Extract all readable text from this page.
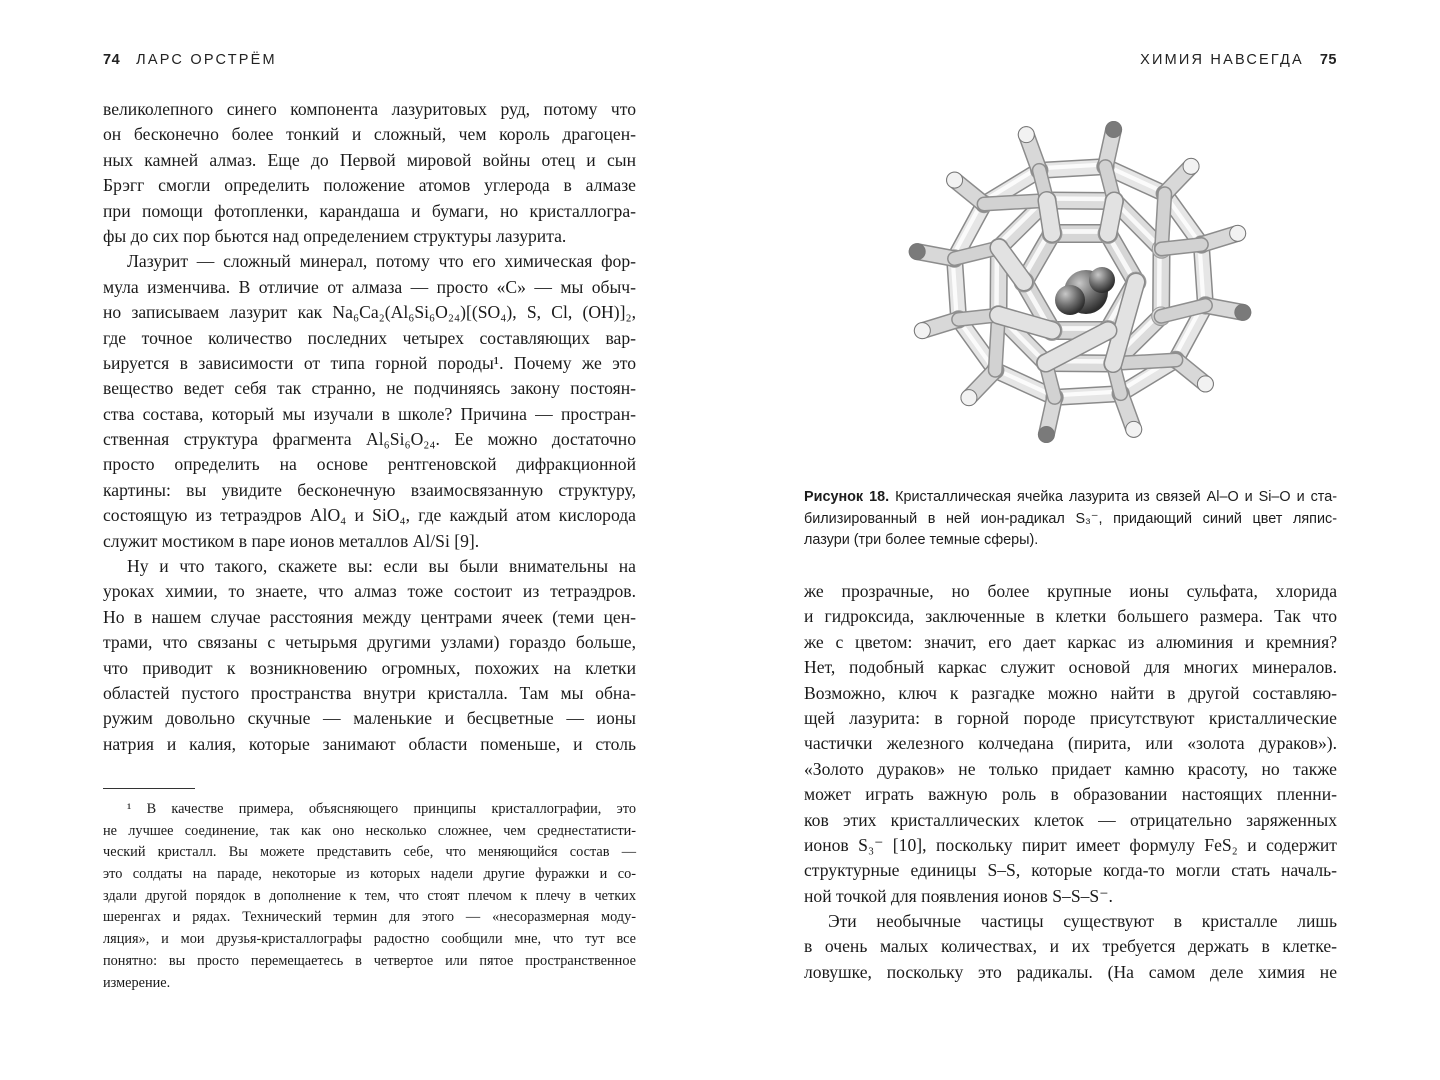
74 ЛАРС ОРСТРЁМ
великолепного синего компонента лазуритовых руд, потому что
он бесконечно более тонкий и сложный, чем король драгоцен-
ных камней алмаз. Еще до Первой мировой войны отец и сын
Брэгг смогли определить положение атомов углерода в алмазе
при помощи фотопленки, карандаша и бумаги, но кристаллогра-
фы до сих пор бьются над определением структуры лазурита.
Лазурит — сложный минерал, потому что его химическая фор-
мула изменчива. В отличие от алмаза — просто «С» — мы обыч-
но записываем лазурит как Na₆Ca₂(Al₆Si₆O₂₄)[(SO₄), S, Cl, (OH)]₂,
где точное количество последних четырех составляющих вар-
ьируется в зависимости от типа горной породы¹. Почему же это
вещество ведет себя так странно, не подчиняясь закону постоян-
ства состава, который мы изучали в школе? Причина — простран-
ственная структура фрагмента Al₆Si₆O₂₄. Ее можно достаточно
просто определить на основе рентгеновской дифракционной
картины: вы увидите бесконечную взаимосвязанную структуру,
состоящую из тетраэдров AlO₄ и SiO₄, где каждый атом кислорода
служит мостиком в паре ионов металлов Al/Si [9].
Ну и что такого, скажете вы: если вы были внимательны на
уроках химии, то знаете, что алмаз тоже состоит из тетраэдров.
Но в нашем случае расстояния между центрами ячеек (теми цен-
трами, что связаны с четырьмя другими узлами) гораздо больше,
что приводит к возникновению огромных, похожих на клетки
областей пустого пространства внутри кристалла. Там мы обна-
ружим довольно скучные — маленькие и бесцветные — ионы
натрия и калия, которые занимают области поменьше, и столь
¹ В качестве примера, объясняющего принципы кристаллографии, это
не лучшее соединение, так как оно несколько сложнее, чем среднестатисти-
ческий кристалл. Вы можете представить себе, что меняющийся состав —
это солдаты на параде, некоторые из которых надели другие фуражки и со-
здали другой порядок в дополнение к тем, что стоят плечом к плечу в четких
шеренгах и рядах. Технический термин для этого — «несоразмерная моду-
ляция», и мои друзья-кристаллографы радостно сообщили мне, что тут все
понятно: вы просто перемещаетесь в четвертое или пятое пространственное
измерение.
ХИМИЯ НАВСЕГДА 75
Рисунок 18. Кристаллическая ячейка лазурита из связей Al–O и Si–O и ста-
билизированный в ней ион-радикал S₃⁻, придающий синий цвет ляпис-
лазури (три более темные сферы).
же прозрачные, но более крупные ионы сульфата, хлорида
и гидроксида, заключенные в клетки большего размера. Так что
же с цветом: значит, его дает каркас из алюминия и кремния?
Нет, подобный каркас служит основой для многих минералов.
Возможно, ключ к разгадке можно найти в другой составляю-
щей лазурита: в горной породе присутствуют кристаллические
частички железного колчедана (пирита, или «золота дураков»).
«Золото дураков» не только придает камню красоту, но также
может играть важную роль в образовании настоящих пленни-
ков этих кристаллических клеток — отрицательно заряженных
ионов S₃⁻ [10], поскольку пирит имеет формулу FeS₂ и содержит
структурные единицы S–S, которые когда-то могли стать началь-
ной точкой для появления ионов S–S–S⁻.
Эти необычные частицы существуют в кристалле лишь
в очень малых количествах, и их требуется держать в клетке-
ловушке, поскольку это радикалы. (На самом деле химия не
